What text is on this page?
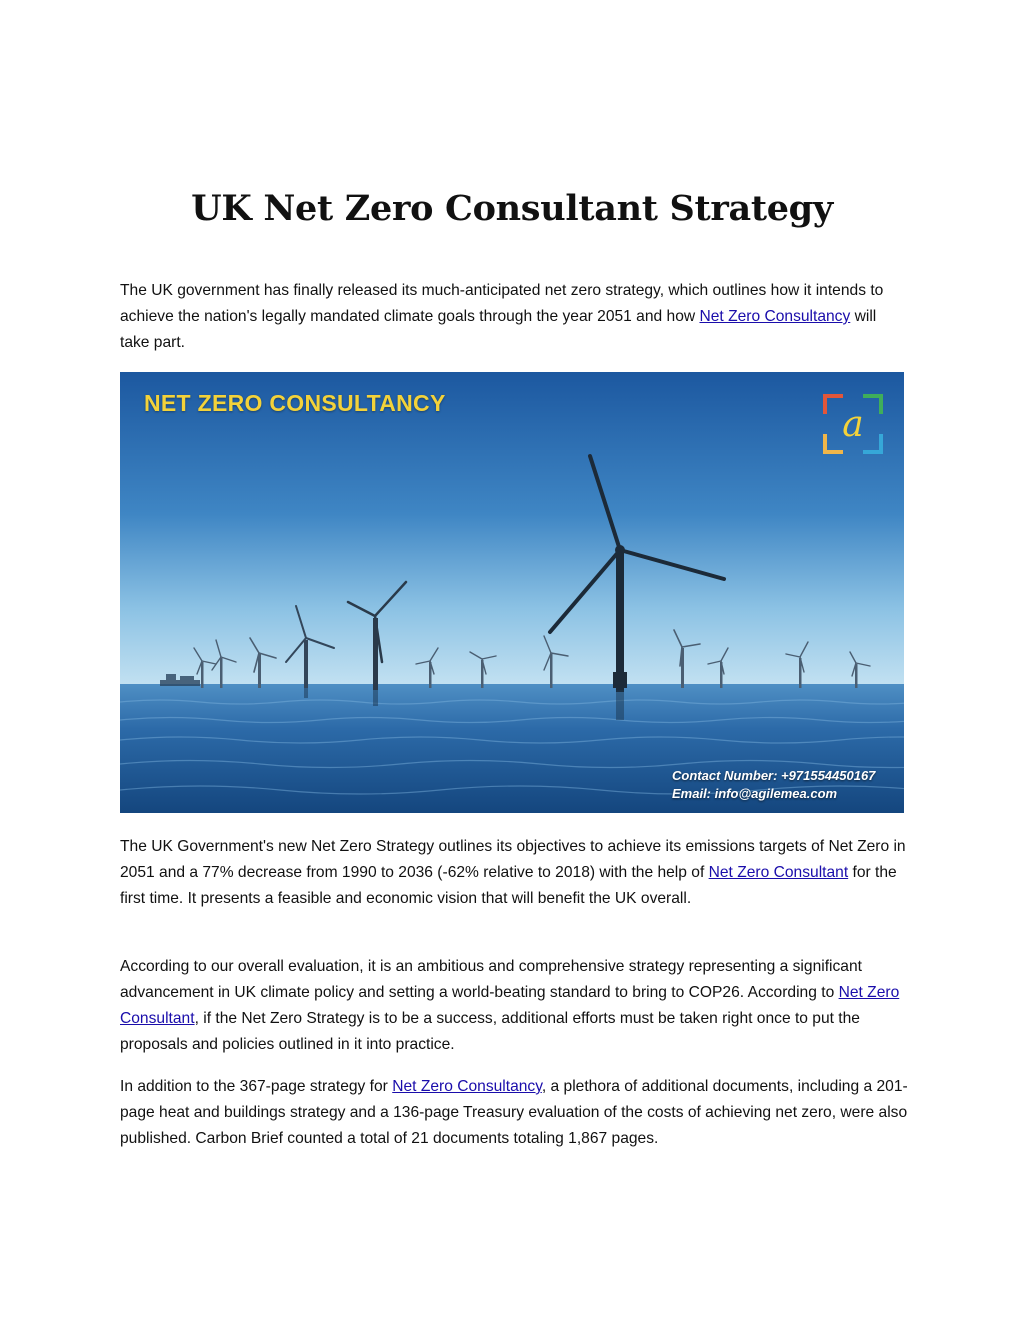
UK Net Zero Consultant Strategy

The UK government has finally released its much-anticipated net zero strategy, which outlines how it intends to achieve the nation's legally mandated climate goals through the year 2051 and how Net Zero Consultancy will take part.

NET ZERO CONSULTANCY
a
Contact Number: +971554450167
Email: info@agilemea.com

The UK Government's new Net Zero Strategy outlines its objectives to achieve its emissions targets of Net Zero in 2051 and a 77% decrease from 1990 to 2036 (-62% relative to 2018) with the help of Net Zero Consultant for the first time. It presents a feasible and economic vision that will benefit the UK overall.

According to our overall evaluation, it is an ambitious and comprehensive strategy representing a significant advancement in UK climate policy and setting a world-beating standard to bring to COP26. According to Net Zero Consultant, if the Net Zero Strategy is to be a success, additional efforts must be taken right once to put the proposals and policies outlined in it into practice.

In addition to the 367-page strategy for Net Zero Consultancy, a plethora of additional documents, including a 201-page heat and buildings strategy and a 136-page Treasury evaluation of the costs of achieving net zero, were also published. Carbon Brief counted a total of 21 documents totaling 1,867 pages.
